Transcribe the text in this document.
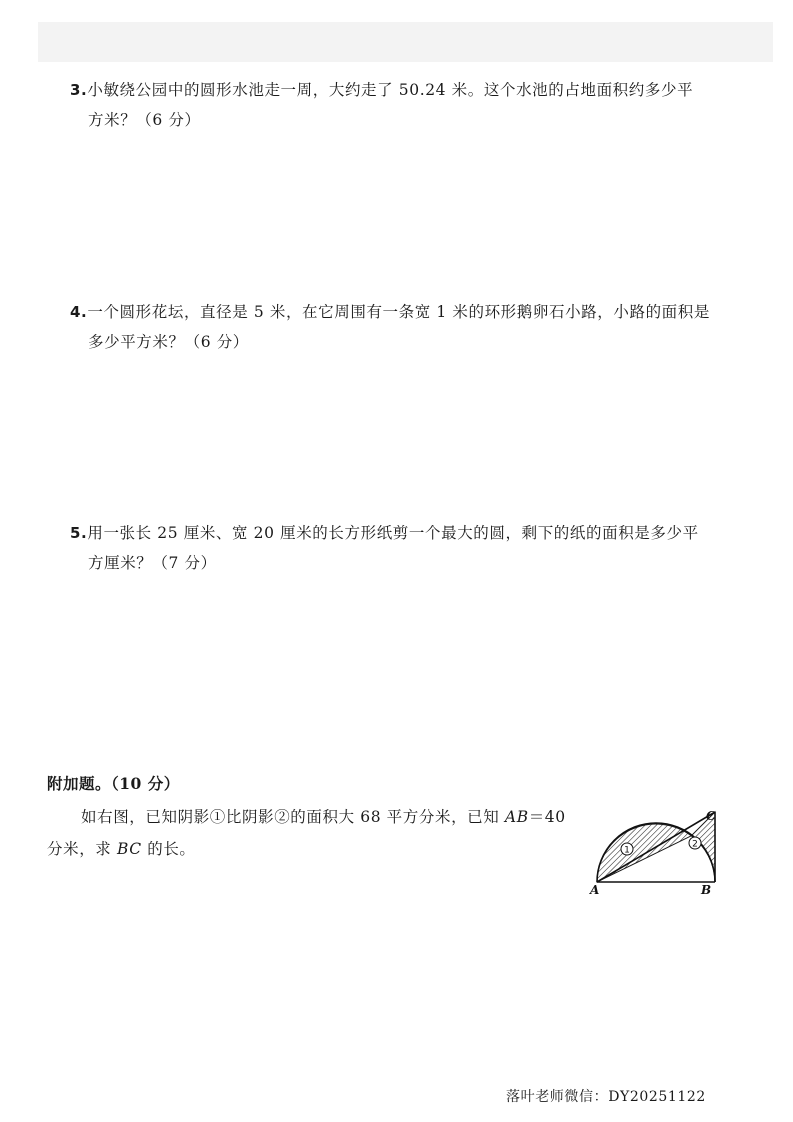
3.小敏绕公园中的圆形水池走一周，大约走了 50.24 米。这个水池的占地面积约多少平
方米？（6 分）
4.一个圆形花坛，直径是 5 米，在它周围有一条宽 1 米的环形鹅卵石小路，小路的面积是
多少平方米？（6 分）
5.用一张长 25 厘米、宽 20 厘米的长方形纸剪一个最大的圆，剩下的纸的面积是多少平
方厘米？（7 分）
附加题。（10 分）
如右图，已知阴影①比阴影②的面积大 68 平方分米，已知 AB＝40
分米，求 BC 的长。	1
2
A	B
C
落叶老师微信：DY20251122
